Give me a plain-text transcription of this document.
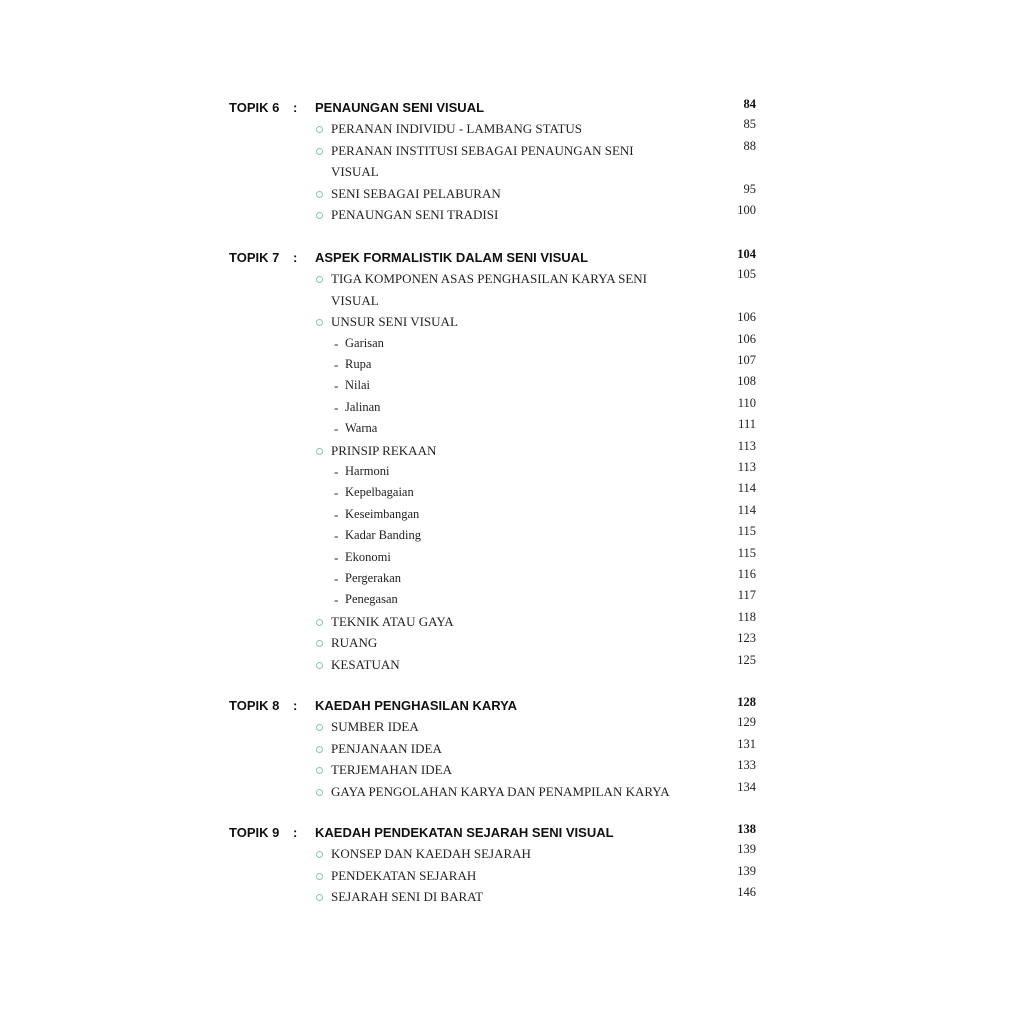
TOPIK 6 : PENAUNGAN SENI VISUAL	84
PERANAN INDIVIDU - LAMBANG STATUS	85
PERANAN INSTITUSI SEBAGAI PENAUNGAN SENI	88
VISUAL
SENI SEBAGAI PELABURAN	95
PENAUNGAN SENI TRADISI	100
TOPIK 7 : ASPEK FORMALISTIK DALAM SENI VISUAL	104
TIGA KOMPONEN ASAS PENGHASILAN KARYA SENI	105
VISUAL
UNSUR SENI VISUAL	106
- Garisan	106
- Rupa	107
- Nilai	108
- Jalinan	110
- Warna	111
PRINSIP REKAAN	113
- Harmoni	113
- Kepelbagaian	114
- Keseimbangan	114
- Kadar Banding	115
- Ekonomi	115
- Pergerakan	116
- Penegasan	117
TEKNIK ATAU GAYA	118
RUANG	123
KESATUAN	125
TOPIK 8 : KAEDAH PENGHASILAN KARYA	128
SUMBER IDEA	129
PENJANAAN IDEA	131
TERJEMAHAN IDEA	133
GAYA PENGOLAHAN KARYA DAN PENAMPILAN KARYA	134
TOPIK 9 : KAEDAH PENDEKATAN SEJARAH SENI VISUAL	138
KONSEP DAN KAEDAH SEJARAH	139
PENDEKATAN SEJARAH	139
SEJARAH SENI DI BARAT	146
